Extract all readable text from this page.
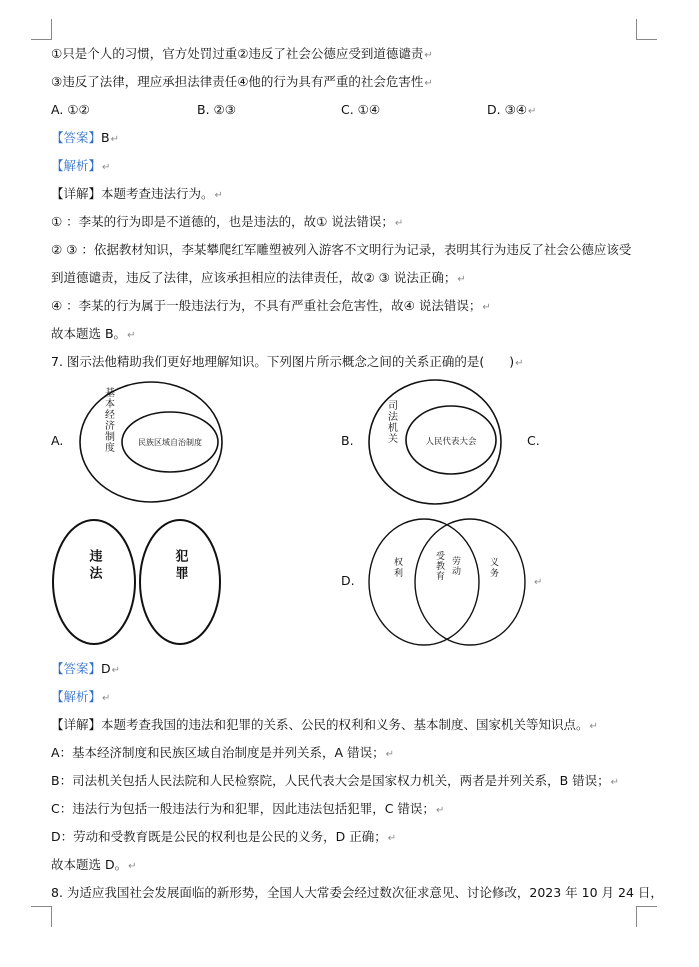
①只是个人的习惯，官方处罚过重②违反了社会公德应受到道德谴责↵
③违反了法律，理应承担法律责任④他的行为具有严重的社会危害性↵
A. ①②	B. ②③	C. ①④	D. ③④↵
【答案】B↵
【解析】↵
【详解】本题考查违法行为。↵
① ：李某的行为即是不道德的，也是违法的，故① 说法错误；↵
② ③ ：依据教材知识，李某攀爬红军雕塑被列入游客不文明行为记录，表明其行为违反了社会公德应该受
到道德谴责，违反了法律，应该承担相应的法律责任，故② ③ 说法正确；↵
④ ：李某的行为属于一般违法行为，不具有严重社会危害性，故④ 说法错误；↵
故本题选 B。↵
7. 图示法他精助我们更好地理解知识。下列图片所示概念之间的关系正确的是(　　)↵
A.	基本经济制度	民族区域自治制度	B.	司法机关	人民代表大会	C.
违法	犯罪	D.
权利	受教育 劳动	义务
↵
【答案】D↵
【解析】↵
【详解】本题考查我国的违法和犯罪的关系、公民的权利和义务、基本制度、国家机关等知识点。↵
A：基本经济制度和民族区域自治制度是并列关系，A 错误；↵
B：司法机关包括人民法院和人民检察院，人民代表大会是国家权力机关，两者是并列关系，B 错误；↵
C：违法行为包括一般违法行为和犯罪，因此违法包括犯罪，C 错误；↵
D：劳动和受教育既是公民的权利也是公民的义务，D 正确；↵
故本题选 D。↵
8. 为适应我国社会发展面临的新形势，全国人大常委会经过数次征求意见、讨论修改，2023 年 10 月 24 日，
